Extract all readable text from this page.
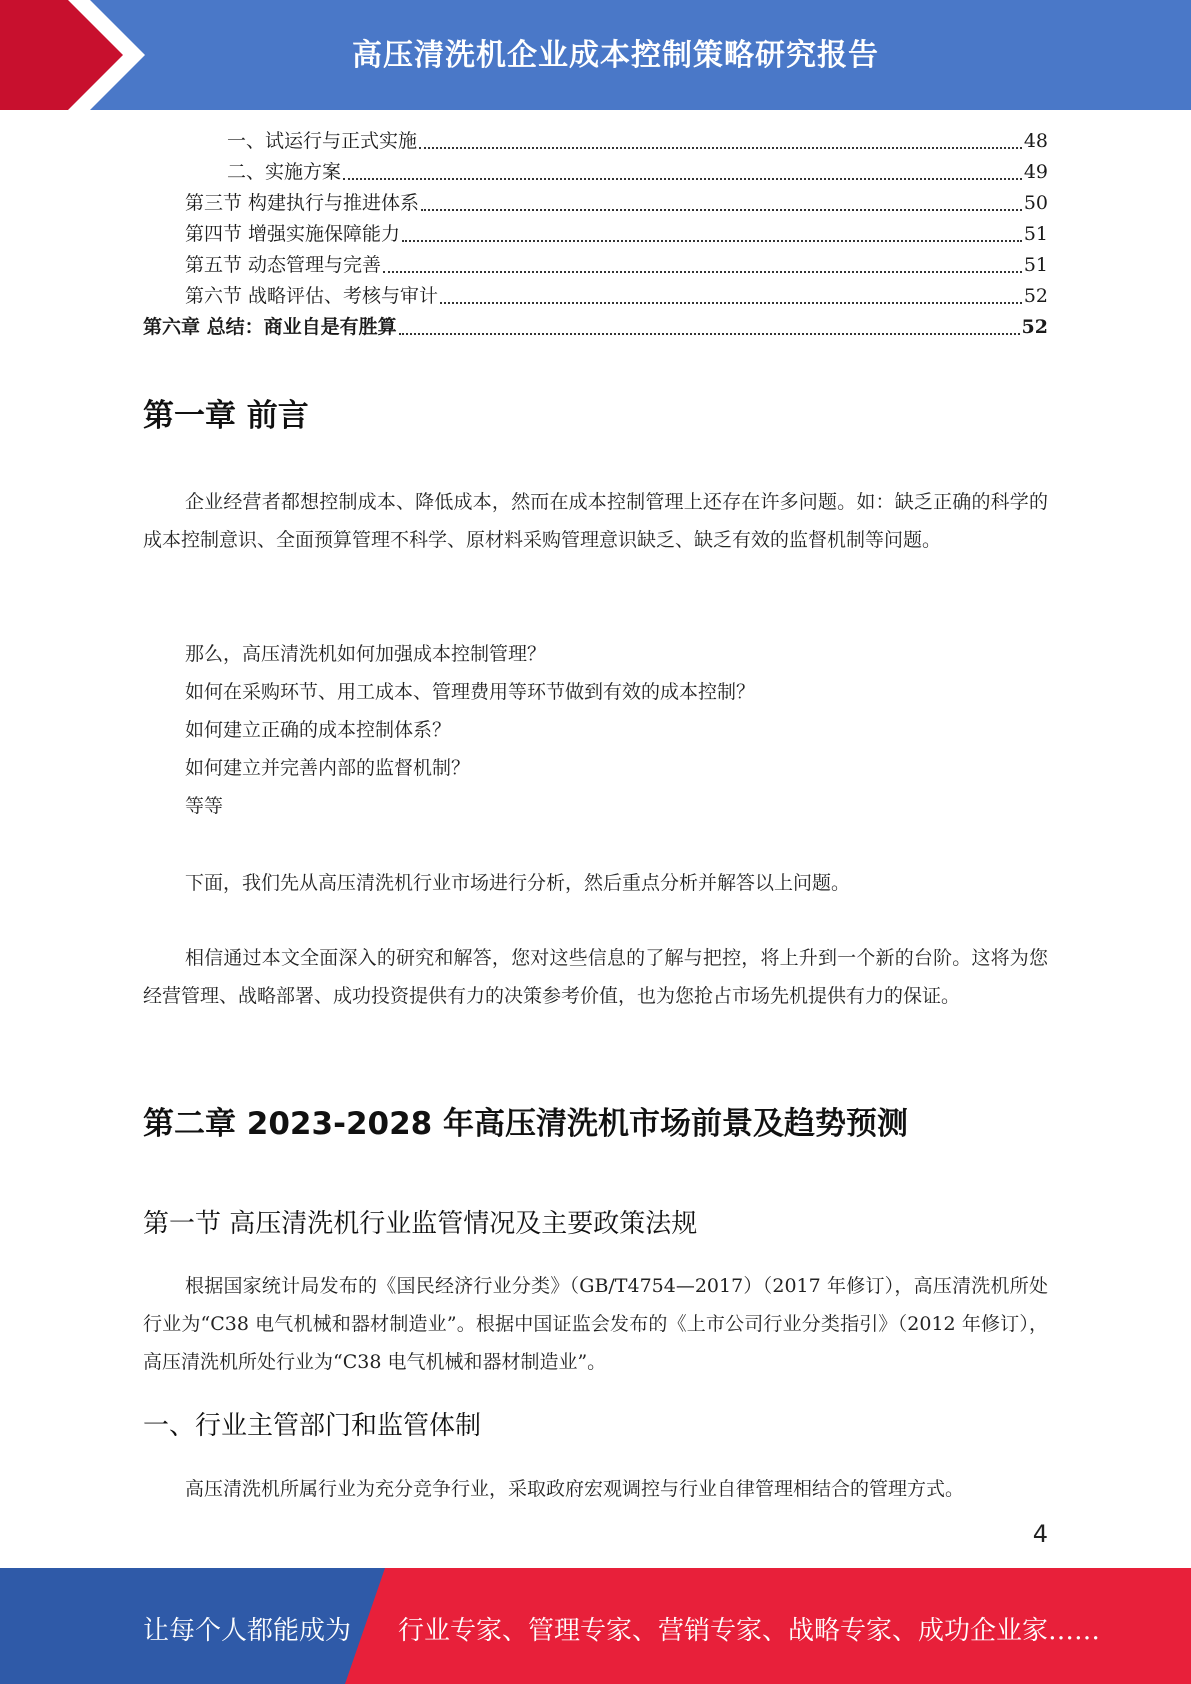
高压清洗机企业成本控制策略研究报告
一、试运行与正式实施	48
二、实施方案	49
第三节 构建执行与推进体系	50
第四节 增强实施保障能力	51
第五节 动态管理与完善	51
第六节 战略评估、考核与审计	52
第六章 总结：商业自是有胜算	52
第一章 前言

企业经营者都想控制成本、降低成本，然而在成本控制管理上还存在许多问题。如：缺乏正确的科学的成本控制意识、全面预算管理不科学、原材料采购管理意识缺乏、缺乏有效的监督机制等问题。

那么，高压清洗机如何加强成本控制管理？

如何在采购环节、用工成本、管理费用等环节做到有效的成本控制？

如何建立正确的成本控制体系？

如何建立并完善内部的监督机制？

等等

下面，我们先从高压清洗机行业市场进行分析，然后重点分析并解答以上问题。

相信通过本文全面深入的研究和解答，您对这些信息的了解与把控，将上升到一个新的台阶。这将为您经营管理、战略部署、成功投资提供有力的决策参考价值，也为您抢占市场先机提供有力的保证。

第二章 2023-2028 年高压清洗机市场前景及趋势预测
第一节 高压清洗机行业监管情况及主要政策法规

根据国家统计局发布的《国民经济行业分类》（GB/T4754—2017）（2017 年修订），高压清洗机所处行业为“C38 电气机械和器材制造业”。根据中国证监会发布的《上市公司行业分类指引》（2012 年修订），高压清洗机所处行业为“C38 电气机械和器材制造业”。

一、行业主管部门和监管体制

高压清洗机所属行业为充分竞争行业，采取政府宏观调控与行业自律管理相结合的管理方式。

4
让每个人都能成为 行业专家、管理专家、营销专家、战略专家、成功企业家……
